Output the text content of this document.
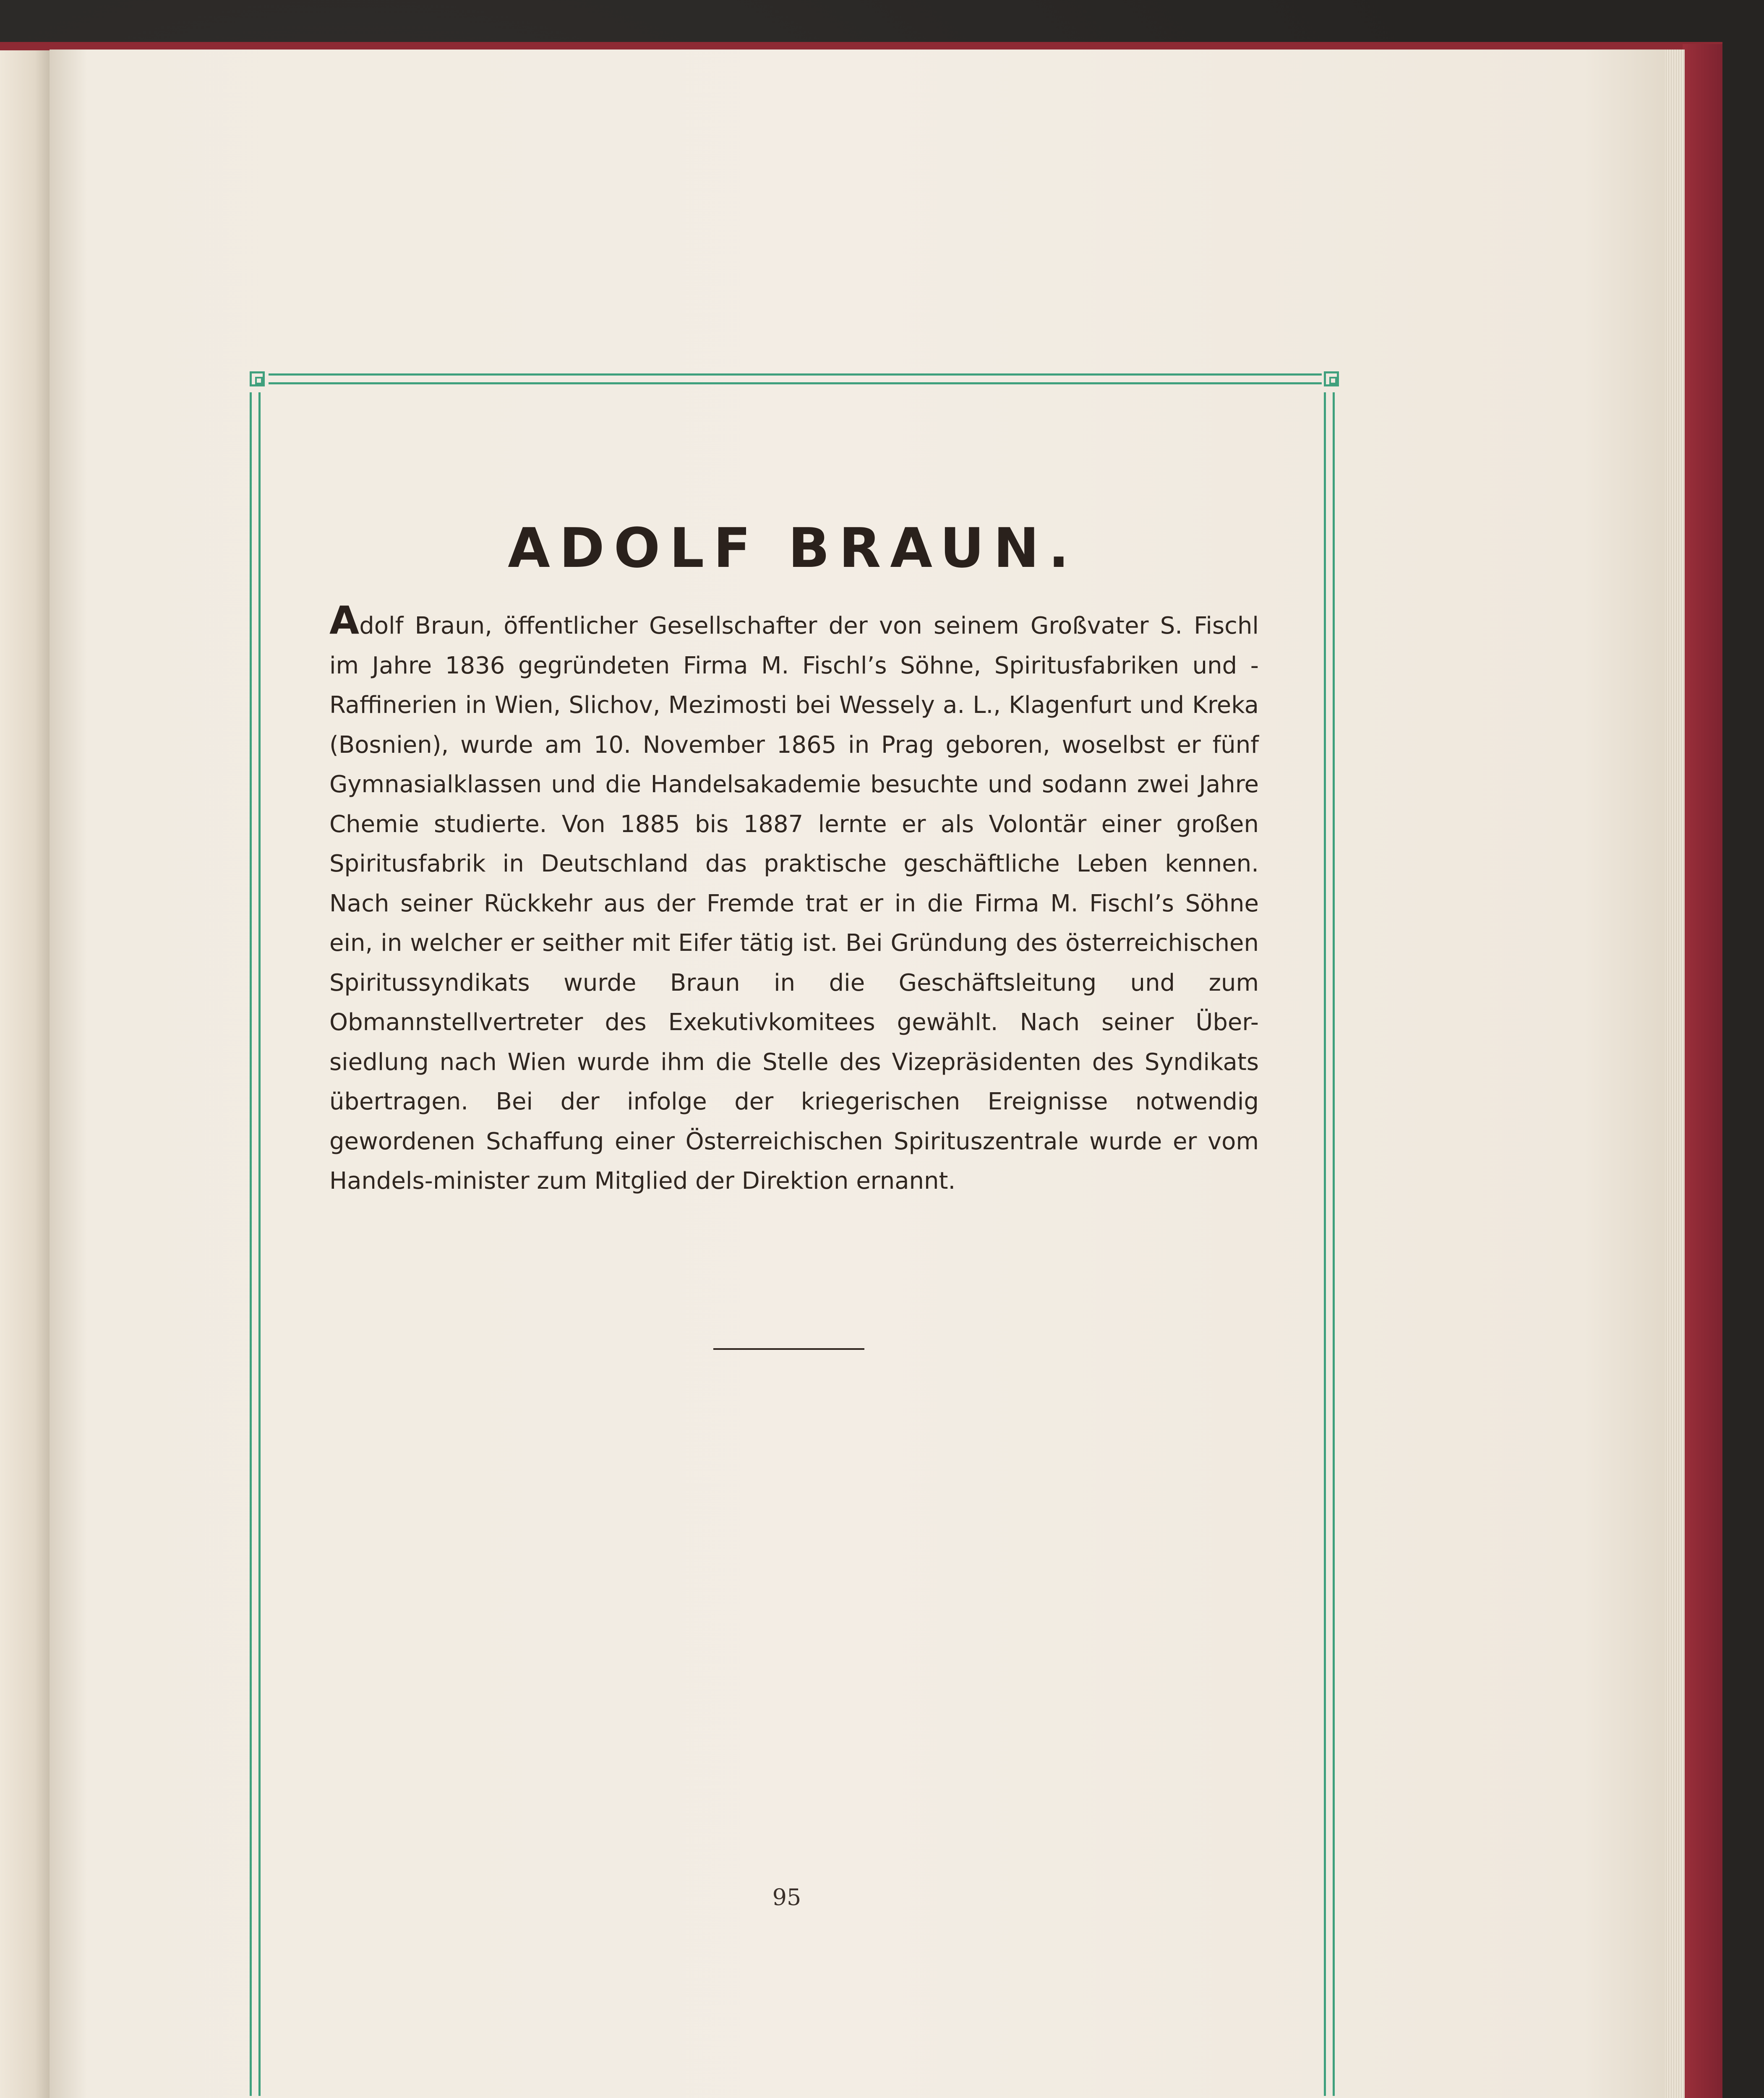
ADOLF BRAUN.
Adolf Braun, öffentlicher Gesellschafter der von seinem Großvater S. Fischl im Jahre 1836 gegründeten Firma M. Fischl’s Söhne, Spiritusfabriken und -Raffinerien in Wien, Slichov, Mezimosti bei Wessely a. L., Klagenfurt und Kreka (Bosnien), wurde am 10. November 1865 in Prag geboren, woselbst er fünf Gymnasialklassen und die Handelsakademie besuchte und sodann zwei Jahre Chemie studierte. Von 1885 bis 1887 lernte er als Volontär einer großen Spiritusfabrik in Deutschland das praktische geschäftliche Leben kennen. Nach seiner Rückkehr aus der Fremde trat er in die Firma M. Fischl’s Söhne ein, in welcher er seither mit Eifer tätig ist. Bei Gründung des österreichischen Spiritussyndikats wurde Braun in die Geschäftsleitung und zum Obmannstellvertreter des Exekutivkomitees gewählt. Nach seiner Über-siedlung nach Wien wurde ihm die Stelle des Vizepräsidenten des Syndikats übertragen. Bei der infolge der kriegerischen Ereignisse notwendig gewordenen Schaffung einer Österreichischen Spirituszentrale wurde er vom Handels-minister zum Mitglied der Direktion ernannt.
95
